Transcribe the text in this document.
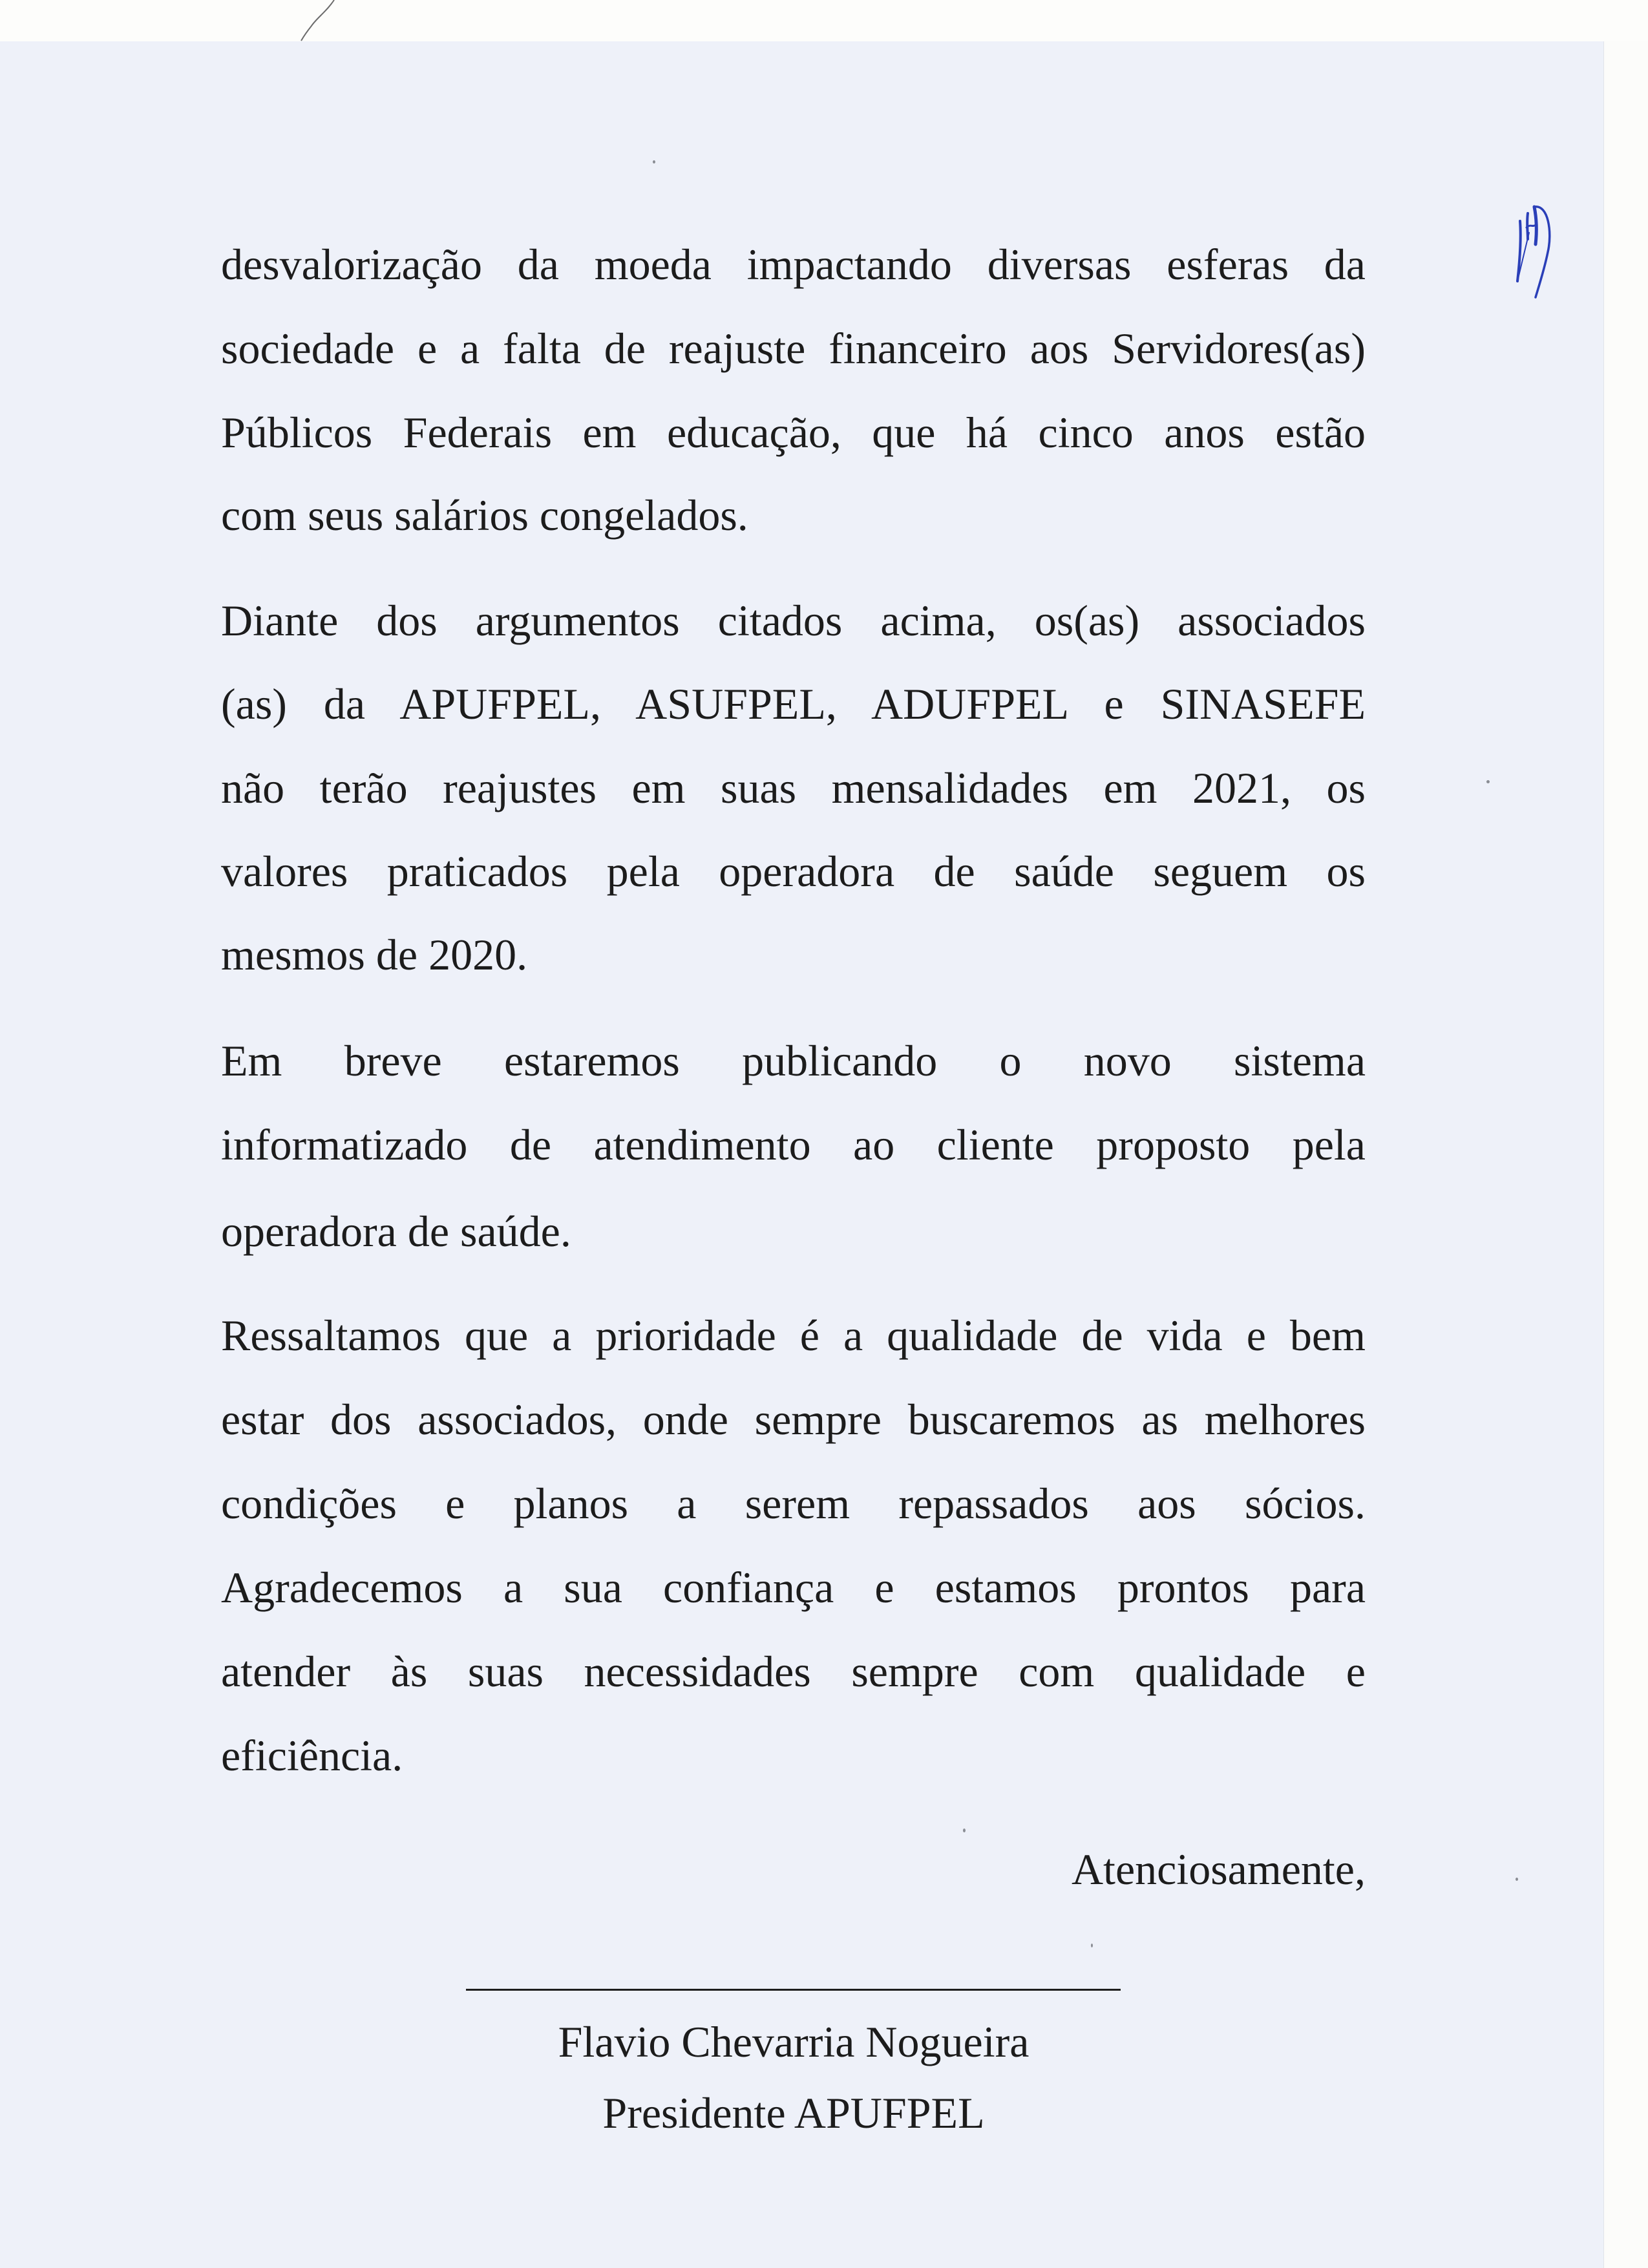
desvalorização da moeda impactando diversas esferas da
sociedade e a falta de reajuste financeiro aos Servidores(as)
Públicos Federais em educação, que há cinco anos estão
com seus salários congelados.
Diante dos argumentos citados acima, os(as) associados
(as) da APUFPEL, ASUFPEL, ADUFPEL e SINASEFE
não terão reajustes em suas mensalidades em 2021, os
valores praticados pela operadora de saúde seguem os
mesmos de 2020.
Em breve estaremos publicando o novo sistema
informatizado de atendimento ao cliente proposto pela
operadora de saúde.
Ressaltamos que a prioridade é a qualidade de vida e bem
estar dos associados, onde sempre buscaremos as melhores
condições e planos a serem repassados aos sócios.
Agradecemos a sua confiança e estamos prontos para
atender às suas necessidades sempre com qualidade e
eficiência.
Atenciosamente,
Flavio Chevarria Nogueira
Presidente APUFPEL
